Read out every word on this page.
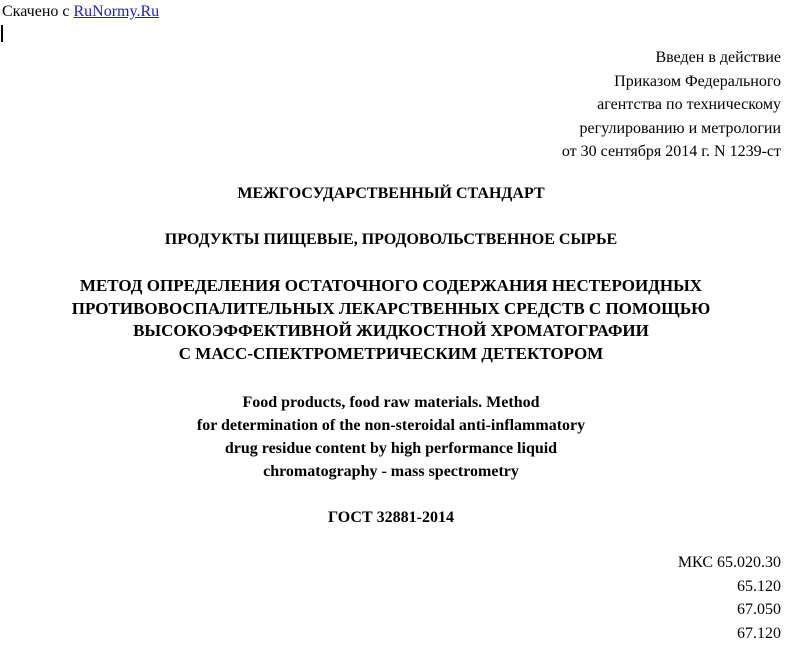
Скачено с RuNormy.Ru
Введен в действие
Приказом Федерального
агентства по техническому
регулированию и метрологии
от 30 сентября 2014 г. N 1239-ст
МЕЖГОСУДАРСТВЕННЫЙ СТАНДАРТ
ПРОДУКТЫ ПИЩЕВЫЕ, ПРОДОВОЛЬСТВЕННОЕ СЫРЬЕ
МЕТОД ОПРЕДЕЛЕНИЯ ОСТАТОЧНОГО СОДЕРЖАНИЯ НЕСТЕРОИДНЫХ
ПРОТИВОВОСПАЛИТЕЛЬНЫХ ЛЕКАРСТВЕННЫХ СРЕДСТВ С ПОМОЩЬЮ
ВЫСОКОЭФФЕКТИВНОЙ ЖИДКОСТНОЙ ХРОМАТОГРАФИИ
С МАСС-СПЕКТРОМЕТРИЧЕСКИМ ДЕТЕКТОРОМ
Food products, food raw materials. Method
for determination of the non-steroidal anti-inflammatory
drug residue content by high performance liquid
chromatography - mass spectrometry
ГОСТ 32881-2014
МКС 65.020.30
65.120
67.050
67.120
